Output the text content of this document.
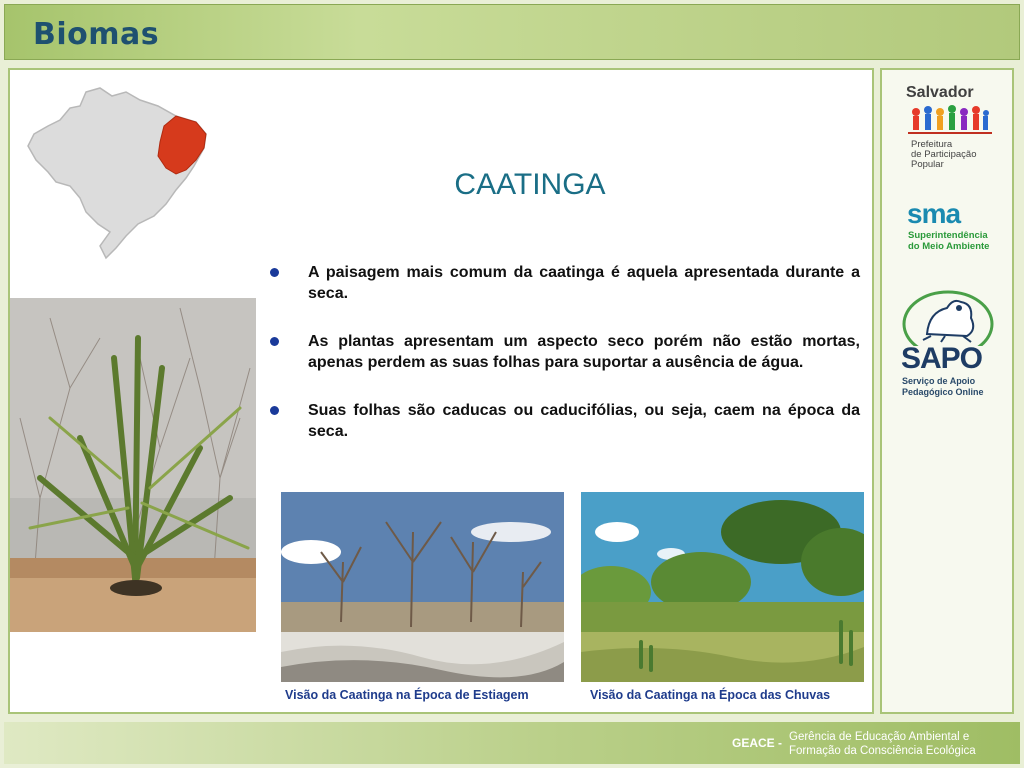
Biomas
CAATINGA
A paisagem mais comum da caatinga é aquela apresentada durante a seca.
As plantas apresentam um aspecto seco porém não estão mortas, apenas perdem as suas folhas para suportar a ausência de água.
Suas folhas são caducas ou caducifólias, ou seja, caem na época da seca.
Visão da Caatinga na Época de Estiagem	Visão da Caatinga na Época das Chuvas
Salvador
Prefeitura
de Participação
Popular
sma
Superintendência
do Meio Ambiente
SAPO
Serviço de Apoio
Pedagógico Online
GEACE - Gerência de Educação Ambiental e
Formação da Consciência Ecológica
